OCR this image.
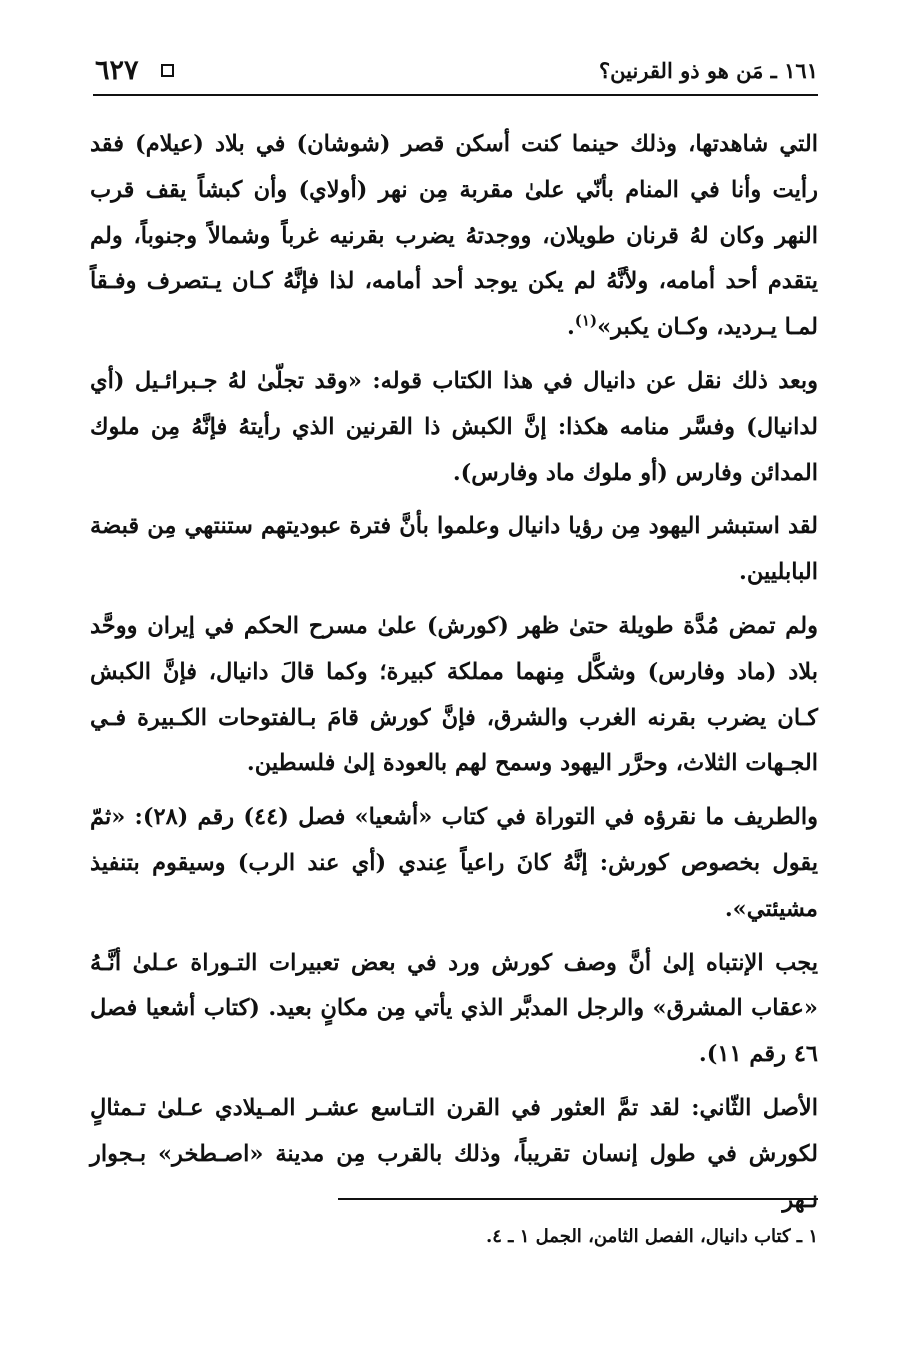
١٦١ ـ مَن هو ذو القرنين؟
٦٢٧

التي شاهدتها، وذلك حينما كنت أسكن قصر (شوشان) في بلاد (عيلام) فقد رأيت وأنا في المنام بأنّي علىٰ مقربة مِن نهر (أولاي) وأن كبشاً يقف قرب النهر وكان لهُ قرنان طويلان، ووجدتهُ يضرب بقرنيه غرباً وشمالاً وجنوباً، ولم يتقدم أحد أمامه، ولأنَّهُ لم يكن يوجد أحد أمامه، لذا فإنَّهُ كـان يـتصرف وفـقاً لمـا يـرديد، وكـان يكبر»$^{(١)}$.

وبعد ذلك نقل عن دانيال في هذا الكتاب قوله: «وقد تجلّىٰ لهُ جـبرائـيل (أي لدانيال) وفسَّر منامه هكذا: إنَّ الكبش ذا القرنين الذي رأيتهُ فإنَّهُ مِن ملوك المدائن وفارس (أو ملوك ماد وفارس).

لقد استبشر اليهود مِن رؤيا دانيال وعلموا بأنَّ فترة عبوديتهم ستنتهي مِن قبضة البابليين.

ولم تمض مُدَّة طويلة حتىٰ ظهر (كورش) علىٰ مسرح الحكم في إيران ووحَّد بلاد (ماد وفارس) وشكَّل مِنهما مملكة كبيرة؛ وكما قالَ دانيال، فإنَّ الكبش كـان يضرب بقرنه الغرب والشرق، فإنَّ كورش قامَ بـالفتوحات الكـبيرة فـي الجـهات الثلاث، وحرَّر اليهود وسمح لهم بالعودة إلىٰ فلسطين.

والطريف ما نقرؤه في التوراة في كتاب «أشعيا» فصل (٤٤) رقم (٢٨): «ثمّ يقول بخصوص كورش: إنَّهُ كانَ راعياً عِندي (أي عند الرب) وسيقوم بتنفيذ مشيئتي».

يجب الإنتباه إلىٰ أنَّ وصف كورش ورد في بعض تعبيرات التـوراة عـلىٰ أنَّـهُ «عقاب المشرق» والرجل المدبَّر الذي يأتي مِن مكانٍ بعيد. (كتاب أشعيا فصل ٤٦ رقم ١١).

الأصل الثّاني: لقد تمَّ العثور في القرن التـاسع عشـر المـيلادي عـلىٰ تـمثالٍ لكورش في طول إنسان تقريباً، وذلك بالقرب مِن مدينة «اصـطخر» بـجوار نـهر

١ ـ كتاب دانيال، الفصل الثامن، الجمل ١ ـ ٤.
